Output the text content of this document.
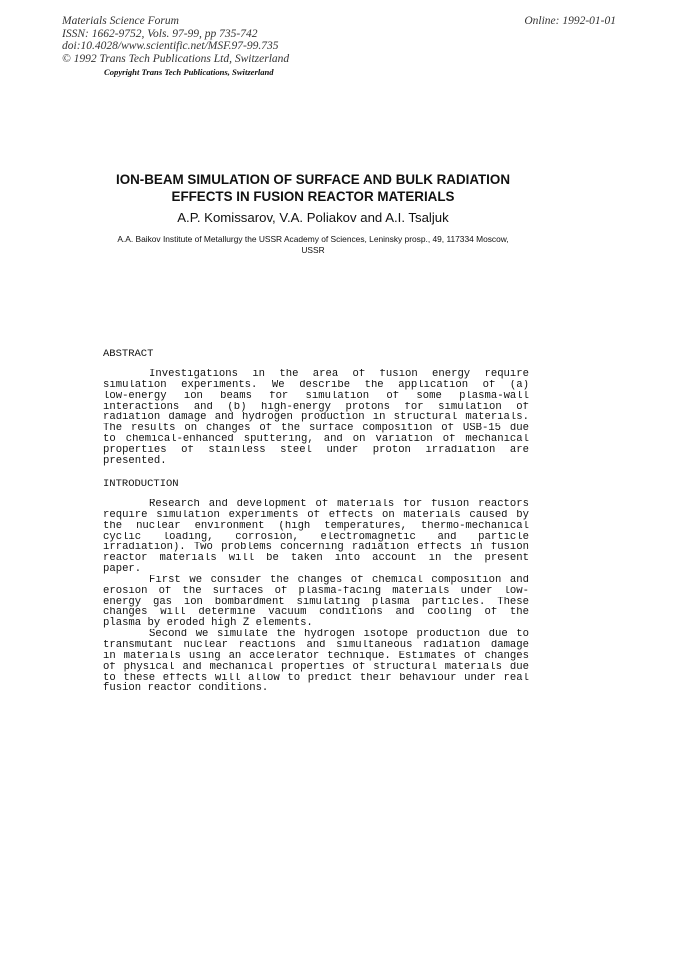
Materials Science Forum
ISSN: 1662-9752, Vols. 97-99, pp 735-742
doi:10.4028/www.scientific.net/MSF.97-99.735
© 1992 Trans Tech Publications Ltd, Switzerland
Online: 1992-01-01
Copyright Trans Tech Publications, Switzerland
ION-BEAM SIMULATION OF SURFACE AND BULK RADIATION
EFFECTS IN FUSION REACTOR MATERIALS
A.P. Komissarov, V.A. Poliakov and A.I. Tsaljuk
A.A. Baikov Institute of Metallurgy the USSR Academy of Sciences, Leninsky prosp., 49, 117334 Moscow,
USSR
ABSTRACT
Investigations in the area of fusion energy require
simulation experiments. We describe the application of (a)
low-energy ion beams for simulation of some plasma-wall
interactions and (b) high-energy protons for simulation of
radiation damage and hydrogen production in structural materials.
The results on changes of the surface composition of USB-15 due
to chemical-enhanced sputtering, and on variation of mechanical
properties of stainless steel under proton irradiation are
presented.
INTRODUCTION
Research and development of materials for fusion reactors
require simulation experiments of effects on materials caused by
the nuclear environment (high temperatures, thermo-mechanical
cyclic loading, corrosion, electromagnetic and particle
irradiation). Two problems concerning radiation effects in fusion
reactor materials will be taken into account in the present
paper.
First we consider the changes of chemical composition and
erosion of the surfaces of plasma-facing materials under low-
energy gas ion bombardment simulating plasma particles. These
changes will determine vacuum conditions and cooling of the
plasma by eroded high Z elements.
Second we simulate the hydrogen isotope production due to
transmutant nuclear reactions and simultaneous radiation damage
in materials using an accelerator technique. Estimates of changes
of physical and mechanical properties of structural materials due
to these effects will allow to predict their behaviour under real
fusion reactor conditions.
